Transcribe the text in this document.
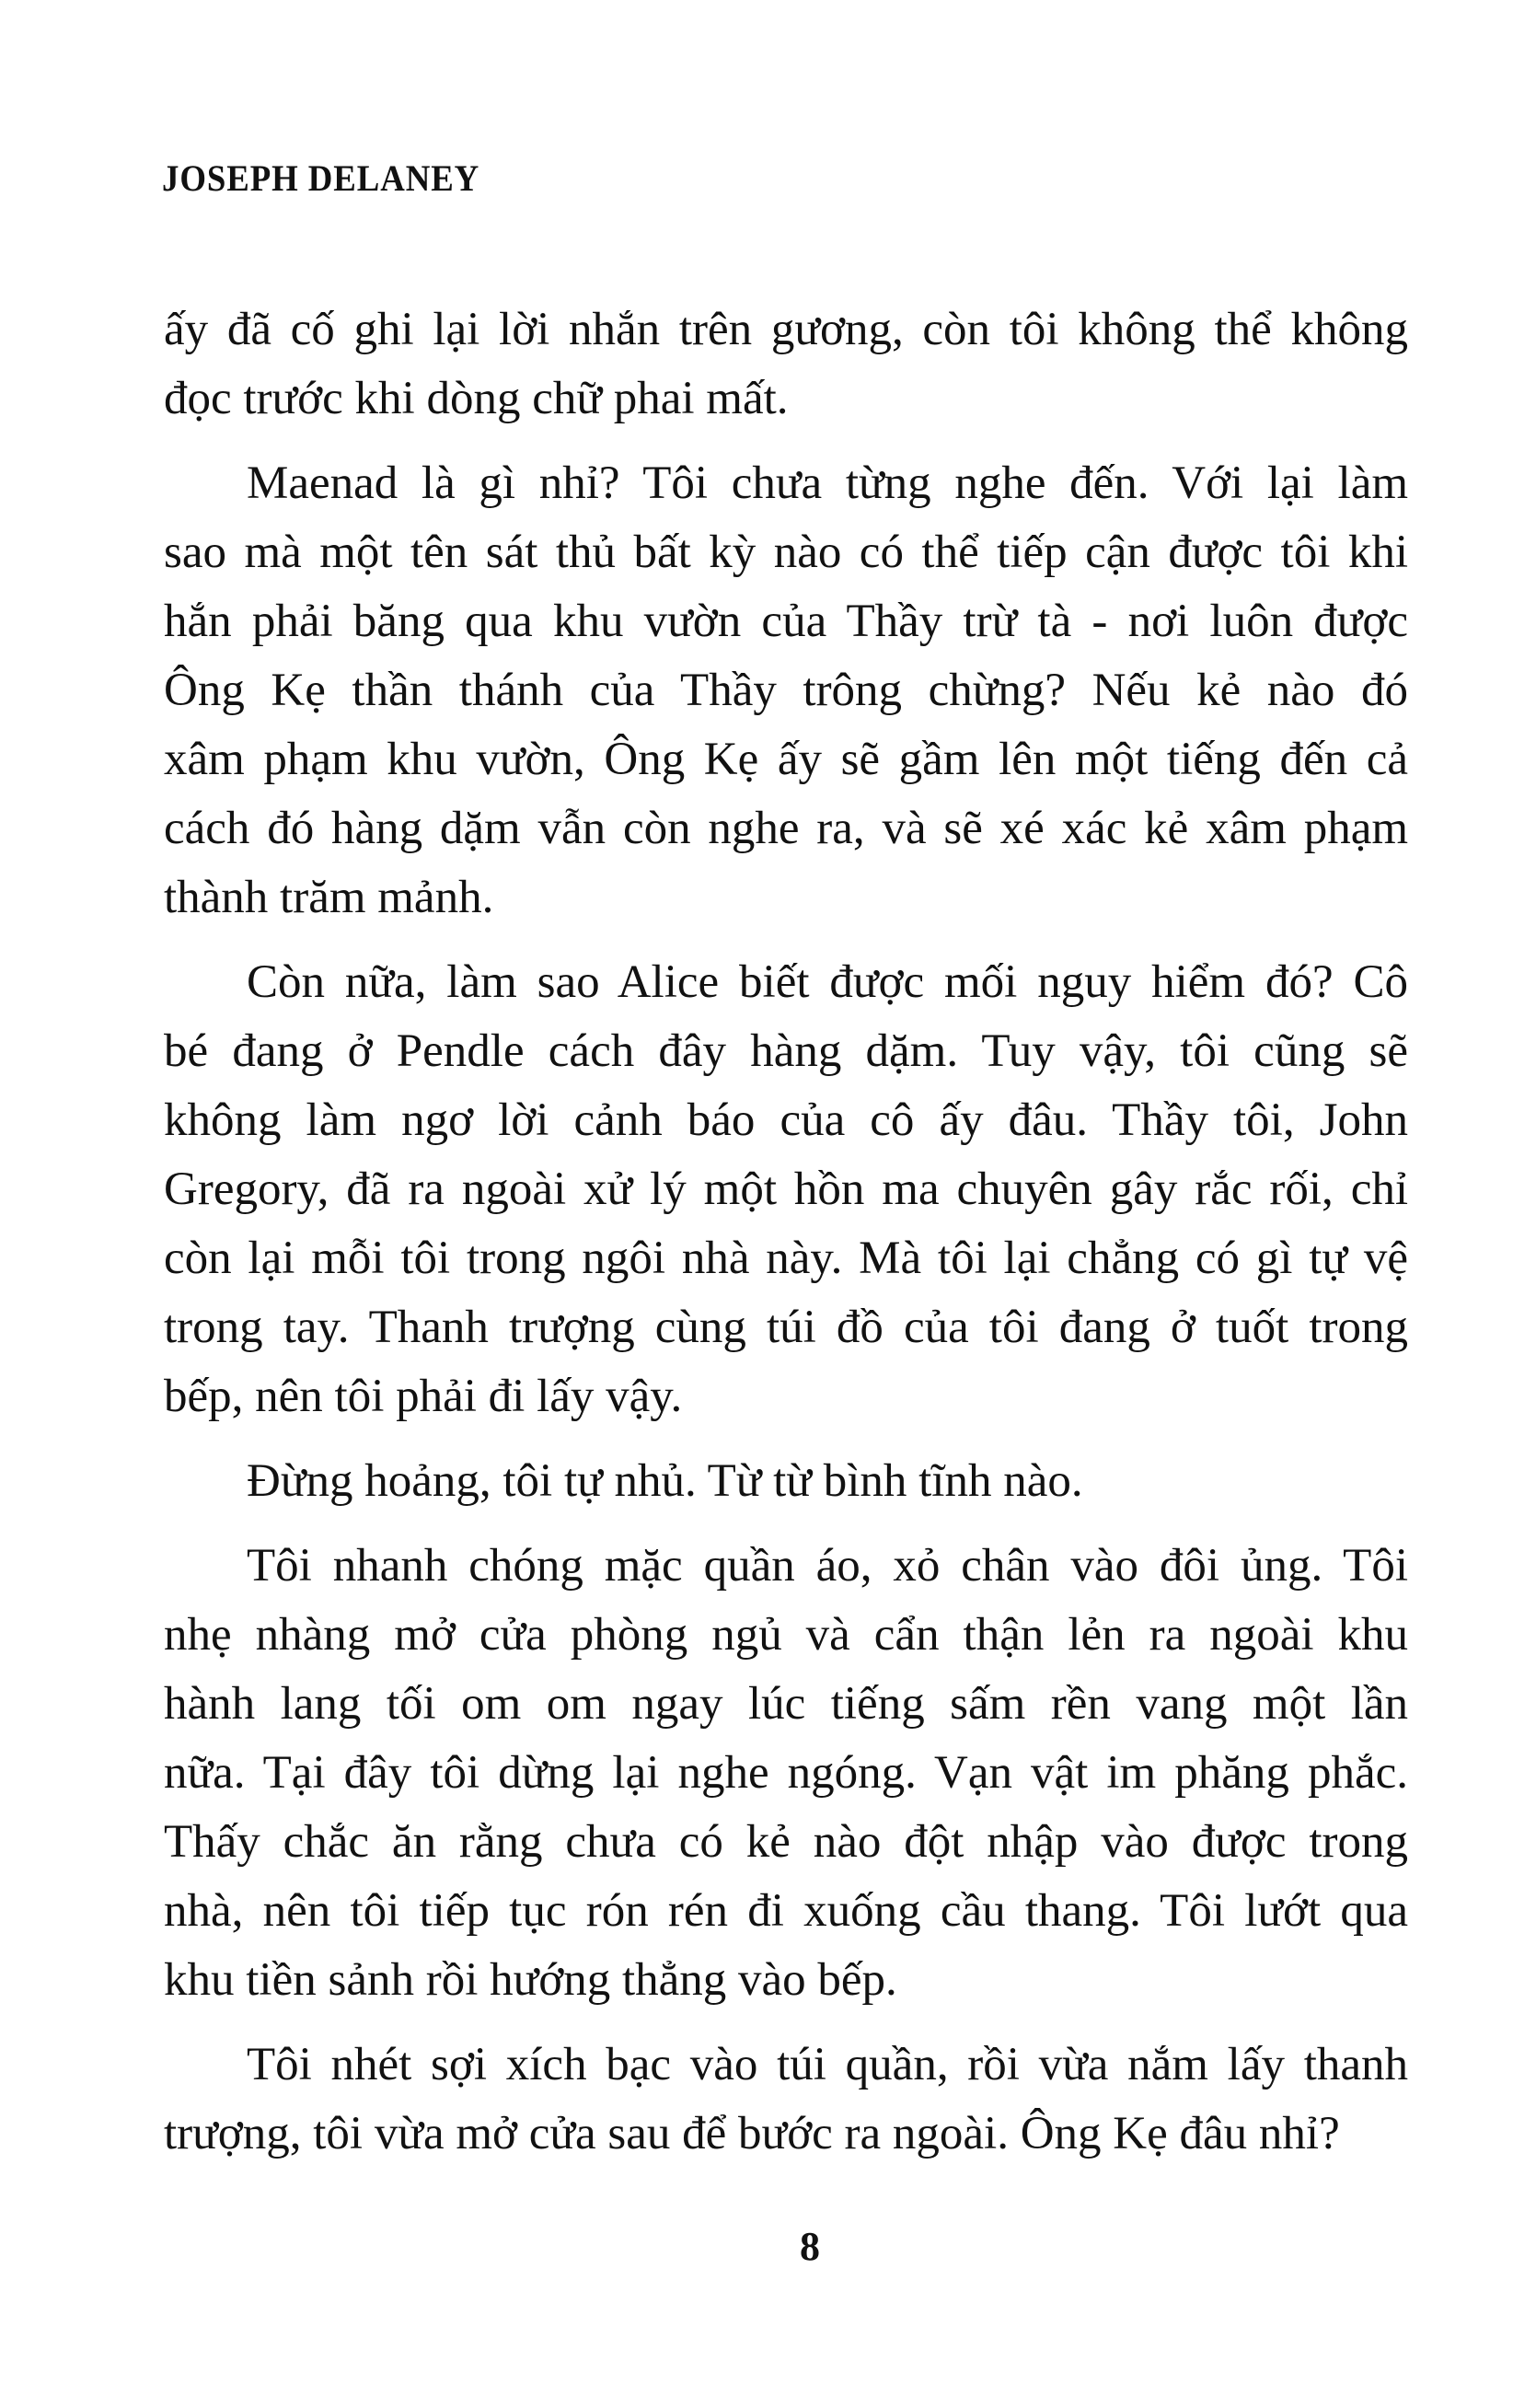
JOSEPH DELANEY
ấy đã cố ghi lại lời nhắn trên gương, còn tôi không thể không
đọc trước khi dòng chữ phai mất.
Maenad là gì nhỉ? Tôi chưa từng nghe đến. Với lại làm
sao mà một tên sát thủ bất kỳ nào có thể tiếp cận được tôi khi
hắn phải băng qua khu vườn của Thầy trừ tà - nơi luôn được
Ông Kẹ thần thánh của Thầy trông chừng? Nếu kẻ nào đó
xâm phạm khu vườn, Ông Kẹ ấy sẽ gầm lên một tiếng đến cả
cách đó hàng dặm vẫn còn nghe ra, và sẽ xé xác kẻ xâm phạm
thành trăm mảnh.
Còn nữa, làm sao Alice biết được mối nguy hiểm đó? Cô
bé đang ở Pendle cách đây hàng dặm. Tuy vậy, tôi cũng sẽ
không làm ngơ lời cảnh báo của cô ấy đâu. Thầy tôi, John
Gregory, đã ra ngoài xử lý một hồn ma chuyên gây rắc rối, chỉ
còn lại mỗi tôi trong ngôi nhà này. Mà tôi lại chẳng có gì tự vệ
trong tay. Thanh trượng cùng túi đồ của tôi đang ở tuốt trong
bếp, nên tôi phải đi lấy vậy.
Đừng hoảng, tôi tự nhủ. Từ từ bình tĩnh nào.
Tôi nhanh chóng mặc quần áo, xỏ chân vào đôi ủng. Tôi
nhẹ nhàng mở cửa phòng ngủ và cẩn thận lẻn ra ngoài khu
hành lang tối om om ngay lúc tiếng sấm rền vang một lần
nữa. Tại đây tôi dừng lại nghe ngóng. Vạn vật im phăng phắc.
Thấy chắc ăn rằng chưa có kẻ nào đột nhập vào được trong
nhà, nên tôi tiếp tục rón rén đi xuống cầu thang. Tôi lướt qua
khu tiền sảnh rồi hướng thẳng vào bếp.
Tôi nhét sợi xích bạc vào túi quần, rồi vừa nắm lấy thanh
trượng, tôi vừa mở cửa sau để bước ra ngoài. Ông Kẹ đâu nhỉ?
8
